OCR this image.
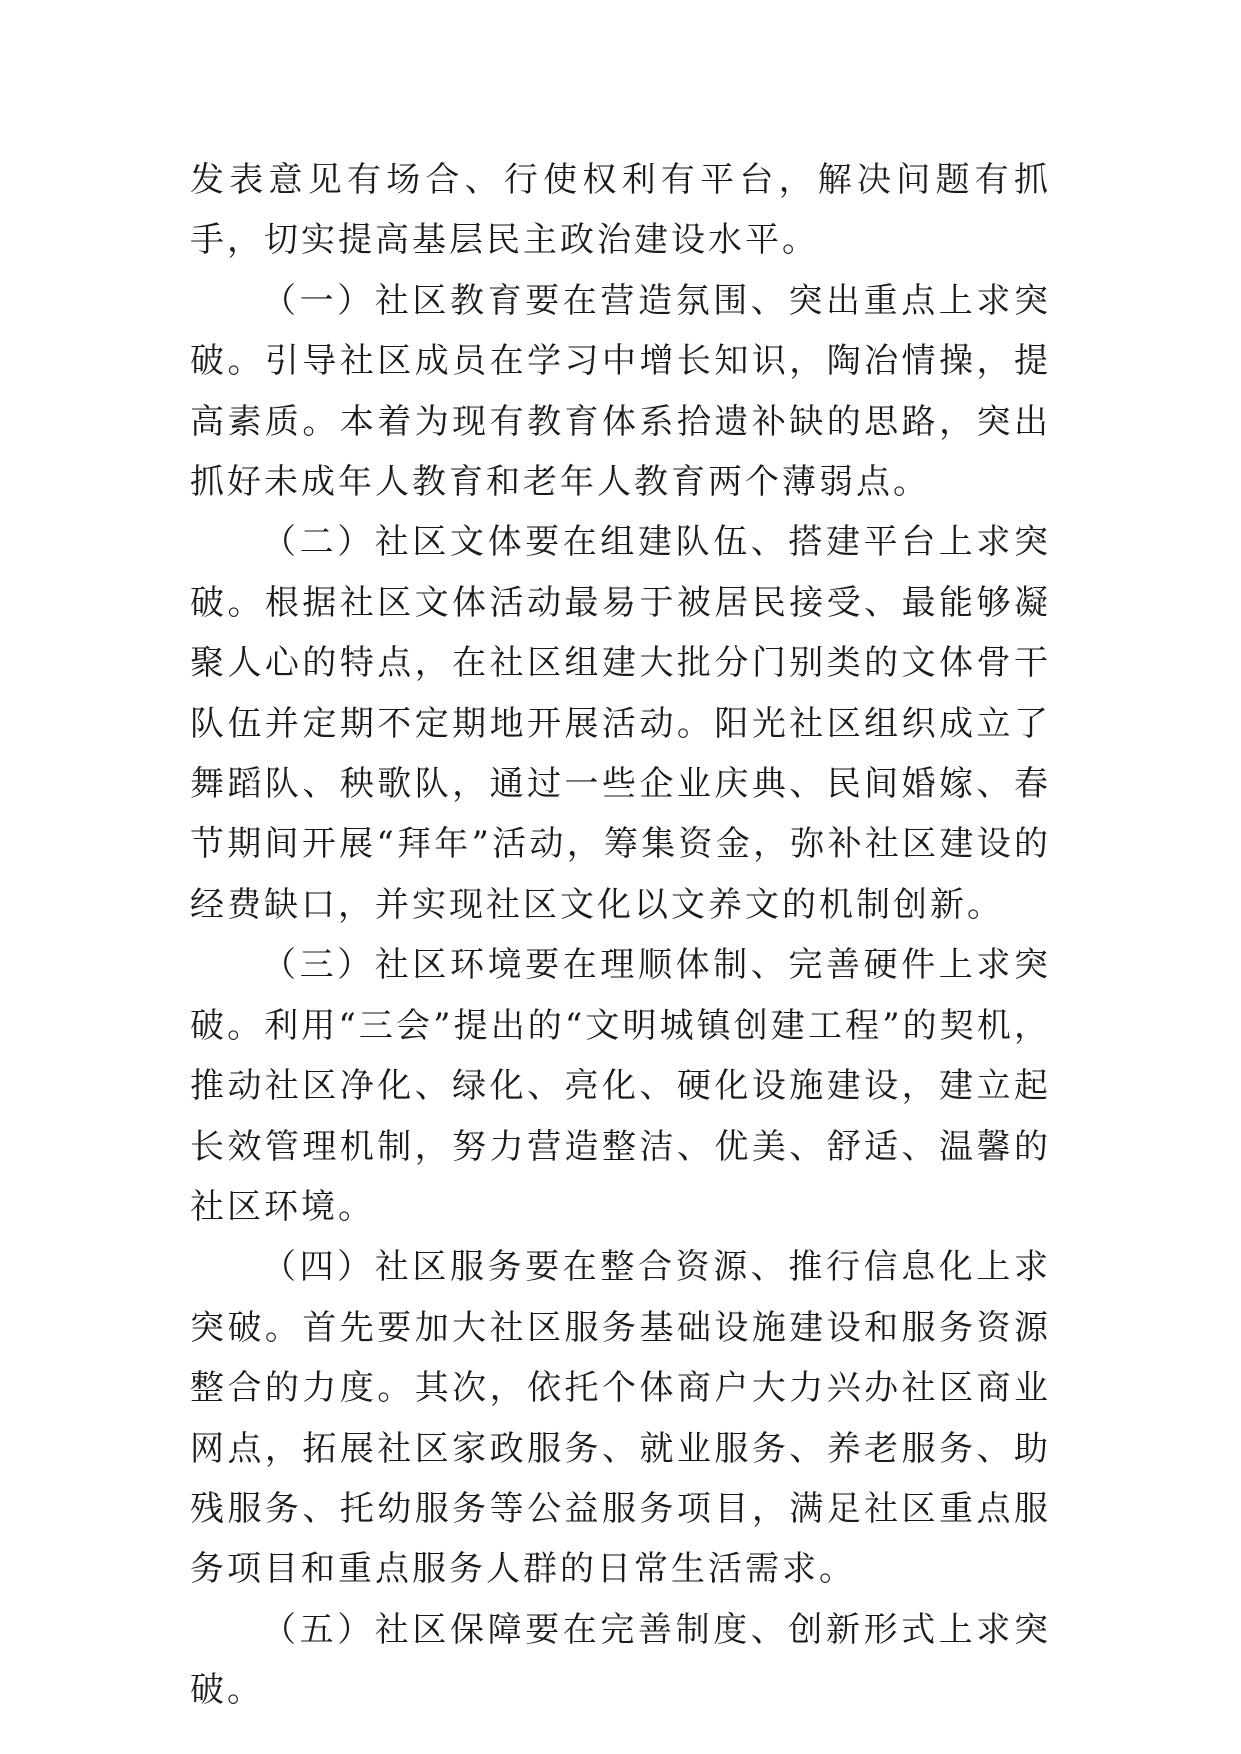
发表意见有场合、行使权利有平台，解决问题有抓手，切实提高基层民主政治建设水平。

（一）社区教育要在营造氛围、突出重点上求突破。引导社区成员在学习中增长知识，陶冶情操，提高素质。本着为现有教育体系拾遗补缺的思路，突出抓好未成年人教育和老年人教育两个薄弱点。

（二）社区文体要在组建队伍、搭建平台上求突破。根据社区文体活动最易于被居民接受、最能够凝聚人心的特点，在社区组建大批分门别类的文体骨干队伍并定期不定期地开展活动。阳光社区组织成立了舞蹈队、秧歌队，通过一些企业庆典、民间婚嫁、春节期间开展“拜年”活动，筹集资金，弥补社区建设的经费缺口，并实现社区文化以文养文的机制创新。

（三）社区环境要在理顺体制、完善硬件上求突破。利用“三会”提出的“文明城镇创建工程”的契机，推动社区净化、绿化、亮化、硬化设施建设，建立起长效管理机制，努力营造整洁、优美、舒适、温馨的社区环境。

（四）社区服务要在整合资源、推行信息化上求突破。首先要加大社区服务基础设施建设和服务资源整合的力度。其次，依托个体商户大力兴办社区商业网点，拓展社区家政服务、就业服务、养老服务、助残服务、托幼服务等公益服务项目，满足社区重点服务项目和重点服务人群的日常生活需求。

（五）社区保障要在完善制度、创新形式上求突破。
